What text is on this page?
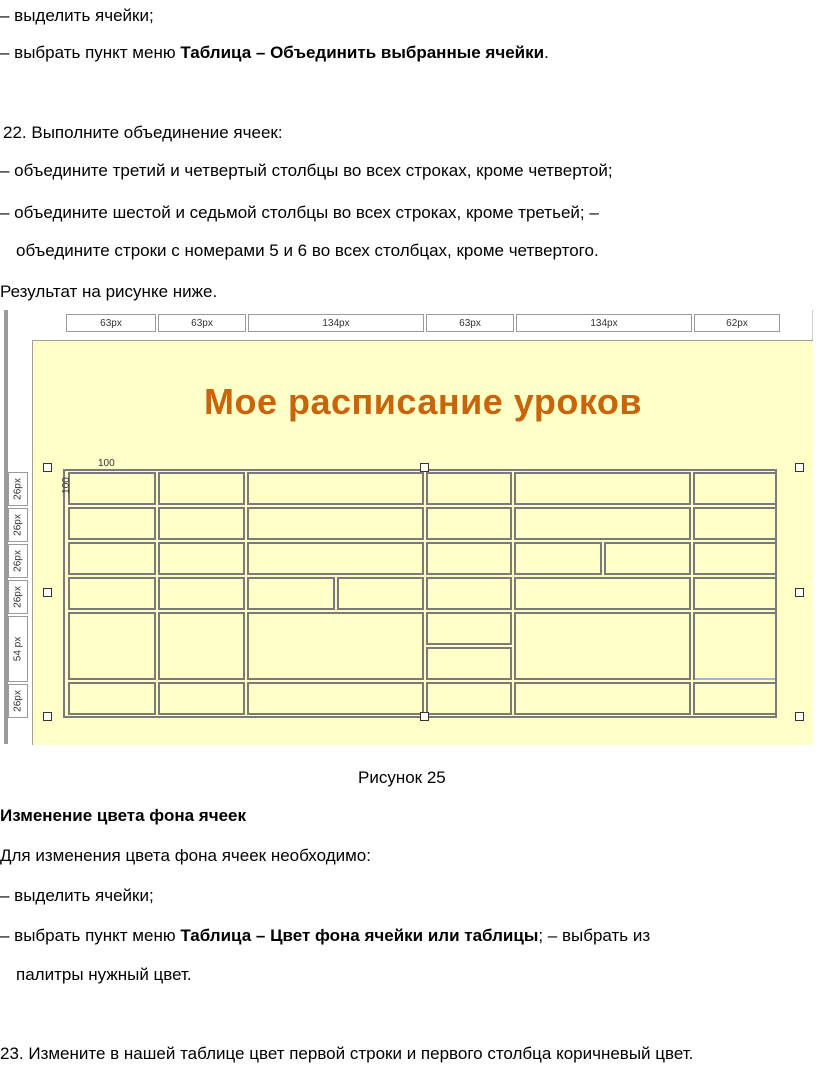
– выделить ячейки;
– выбрать пункт меню Таблица – Объединить выбранные ячейки.
22. Выполните объединение ячеек:
– объедините третий и четвертый столбцы во всех строках, кроме четвертой;
– объедините шестой и седьмой столбцы во всех строках, кроме третьей; –
объедините строки с номерами 5 и 6 во всех столбцах, кроме четвертого.
Результат на рисунке ниже.
63px	63px	134px	63px	134px	62px
Мое расписание уроков
26px
26px
26px
26px
54 px
26px
100
100
Рисунок 25
Изменение цвета фона ячеек
Для изменения цвета фона ячеек необходимо:
– выделить ячейки;
– выбрать пункт меню Таблица – Цвет фона ячейки или таблицы; – выбрать из
палитры нужный цвет.
23. Измените в нашей таблице цвет первой строки и первого столбца коричневый цвет.
